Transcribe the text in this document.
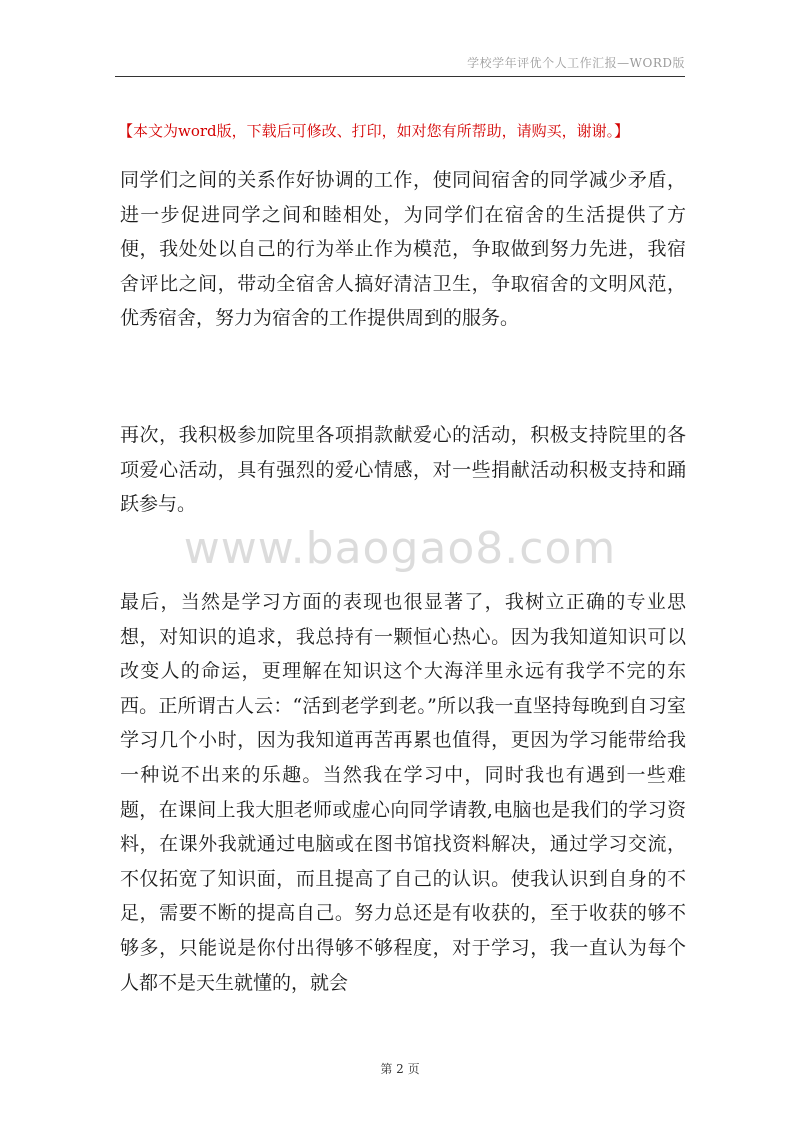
学校学年评优个人工作汇报—WORD版
【本文为word版，下载后可修改、打印，如对您有所帮助，请购买，谢谢。】

同学们之间的关系作好协调的工作，使同间宿舍的同学减少矛盾，进一步促进同学之间和睦相处，为同学们在宿舍的生活提供了方便，我处处以自己的行为举止作为模范，争取做到努力先进，我宿舍评比之间，带动全宿舍人搞好清洁卫生，争取宿舍的文明风范，优秀宿舍，努力为宿舍的工作提供周到的服务。

再次，我积极参加院里各项捐款献爱心的活动，积极支持院里的各项爱心活动，具有强烈的爱心情感，对一些捐献活动积极支持和踊跃参与。

www.baogao8.com

最后，当然是学习方面的表现也很显著了，我树立正确的专业思想，对知识的追求，我总持有一颗恒心热心。因为我知道知识可以改变人的命运，更理解在知识这个大海洋里永远有我学不完的东西。正所谓古人云：“活到老学到老。”所以我一直坚持每晚到自习室学习几个小时，因为我知道再苦再累也值得，更因为学习能带给我一种说不出来的乐趣。当然我在学习中，同时我也有遇到一些难题，在课间上我大胆老师或虚心向同学请教,电脑也是我们的学习资料，在课外我就通过电脑或在图书馆找资料解决，通过学习交流，不仅拓宽了知识面，而且提高了自己的认识。使我认识到自身的不足，需要不断的提高自己。努力总还是有收获的，至于收获的够不够多，只能说是你付出得够不够程度，对于学习，我一直认为每个人都不是天生就懂的，就会

第 2 页
